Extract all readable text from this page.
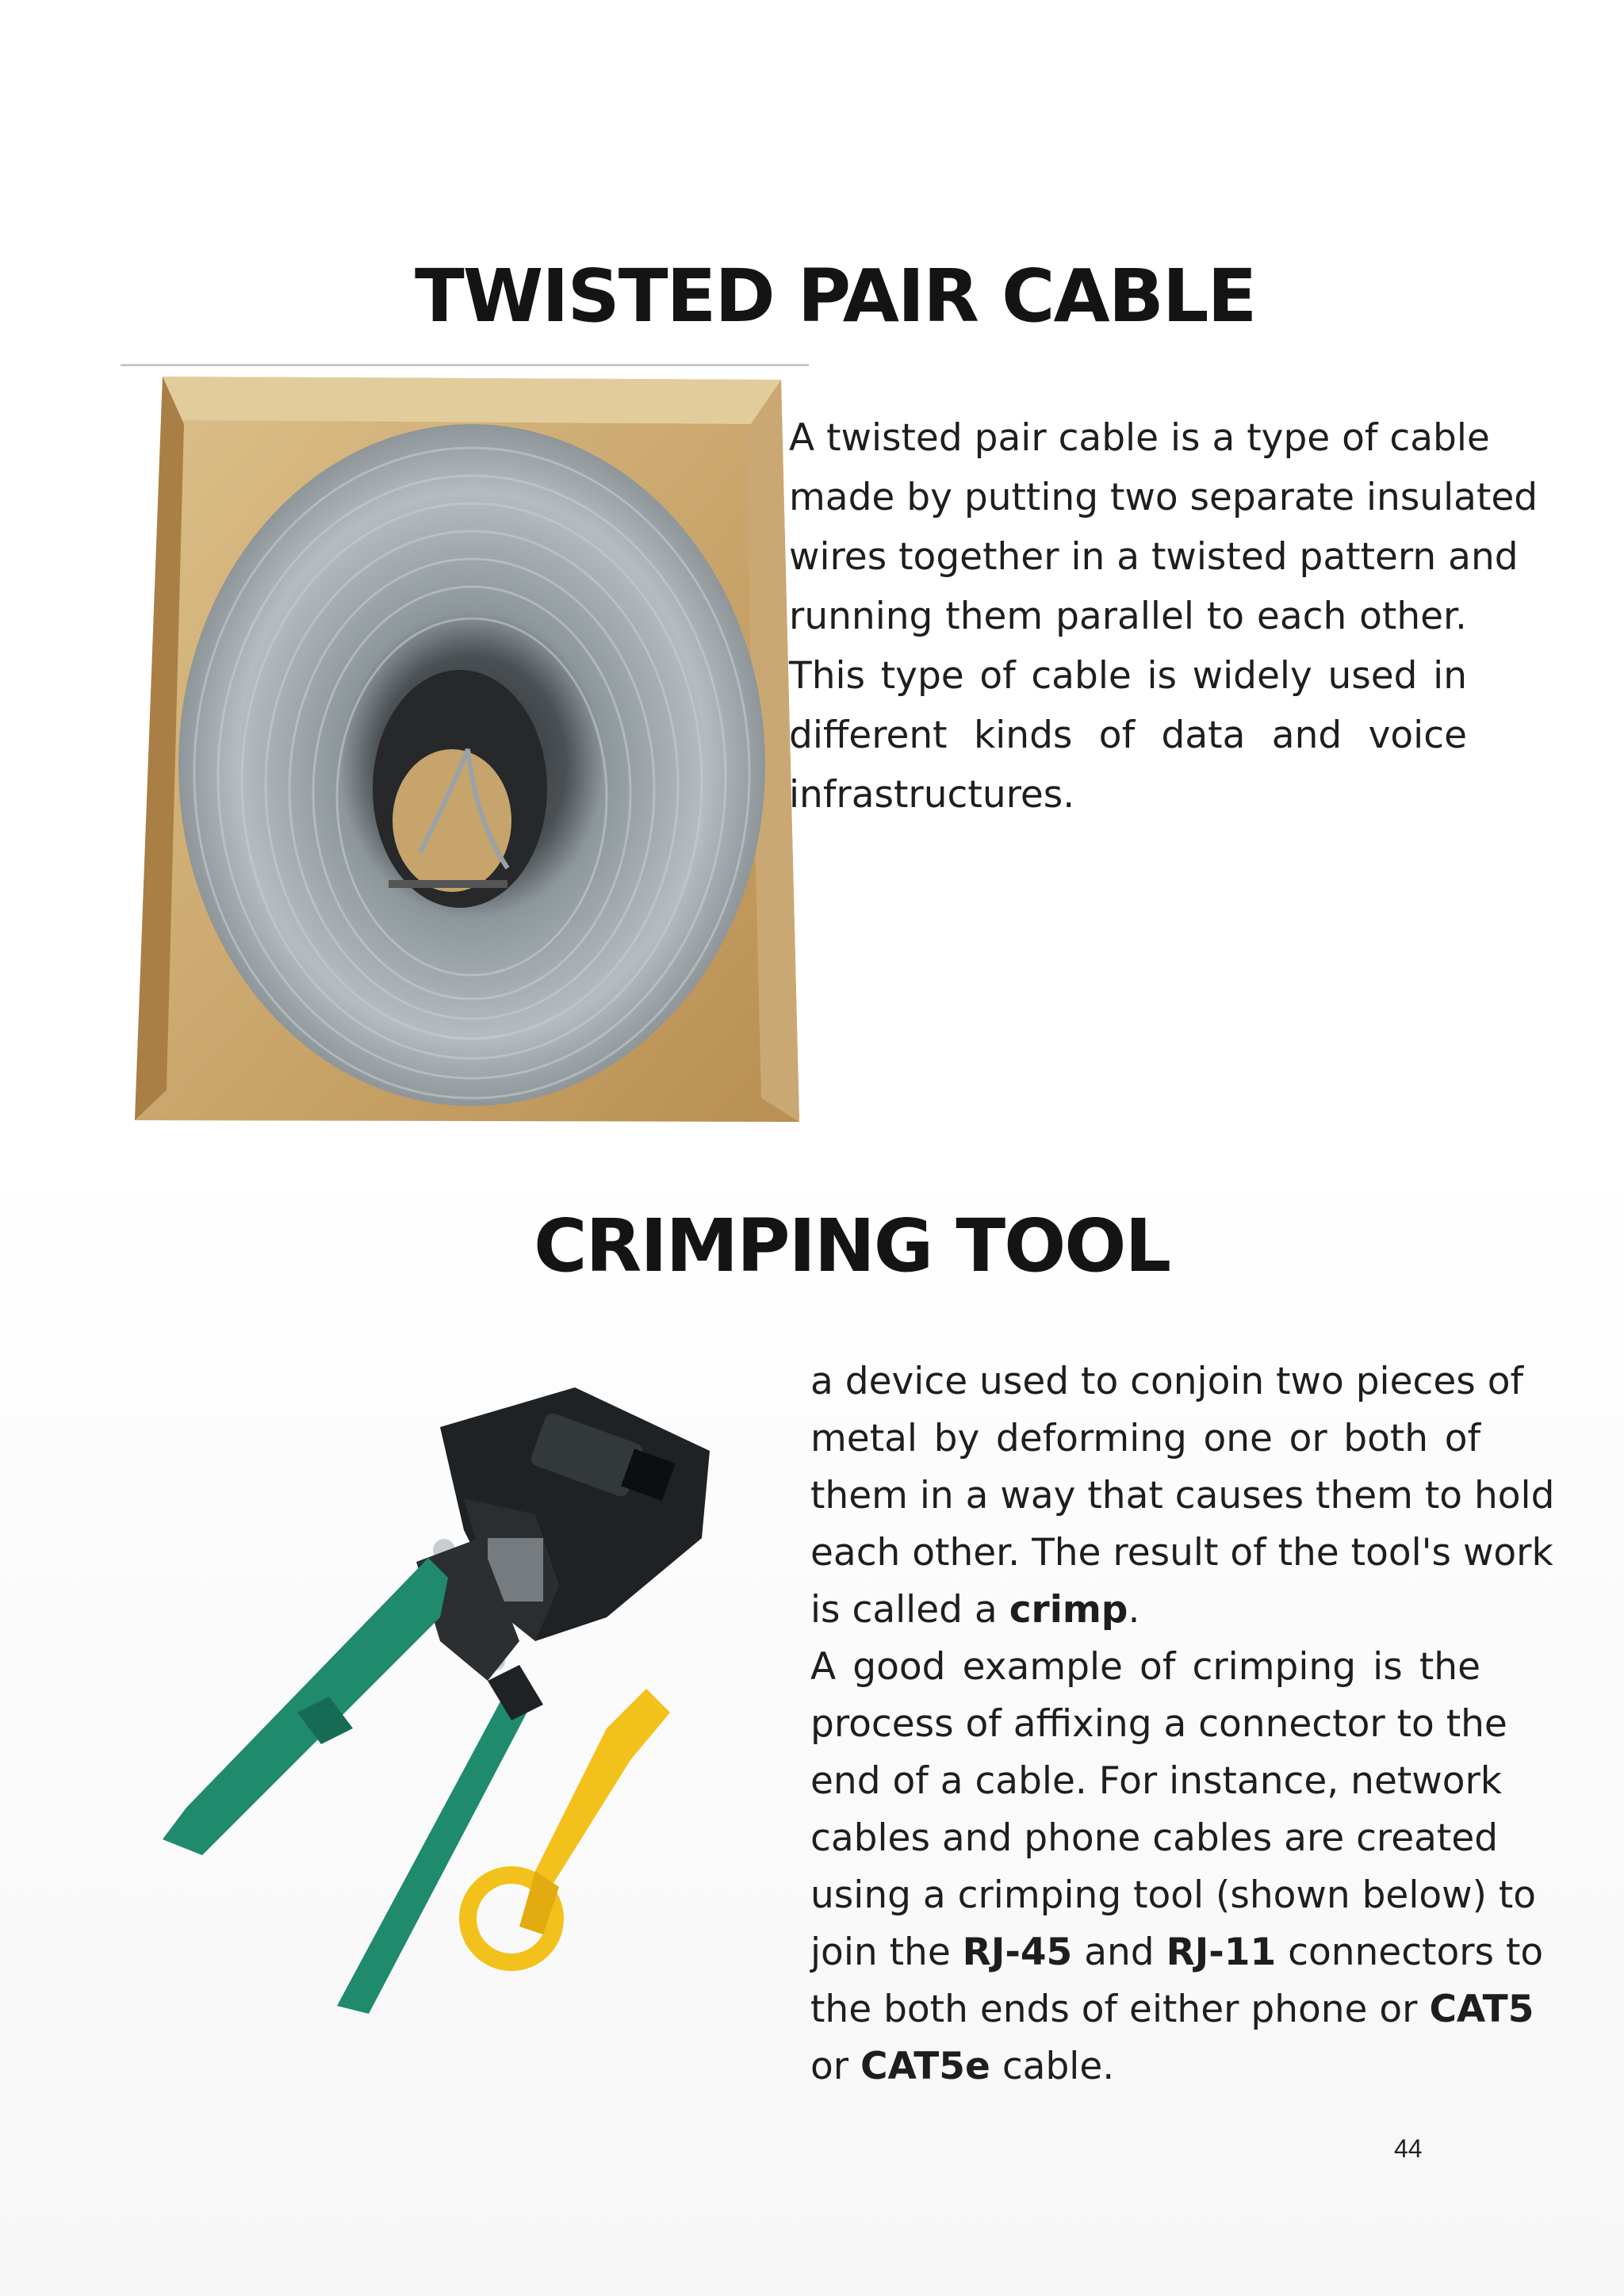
TWISTED PAIR CABLE
A twisted pair cable is a type of cable
made by putting two separate insulated
wires together in a twisted pattern and
running them parallel to each other.
This type of cable is widely used in
different kinds of data and voice
infrastructures.
CRIMPING TOOL
a device used to conjoin two pieces of
metal by deforming one or both of
them in a way that causes them to hold
each other. The result of the tool's work
is called a crimp.
A good example of crimping is the
process of affixing a connector to the
end of a cable. For instance, network
cables and phone cables are created
using a crimping tool (shown below) to
join the RJ-45 and RJ-11 connectors to
the both ends of either phone or CAT5
or CAT5e cable.
44
